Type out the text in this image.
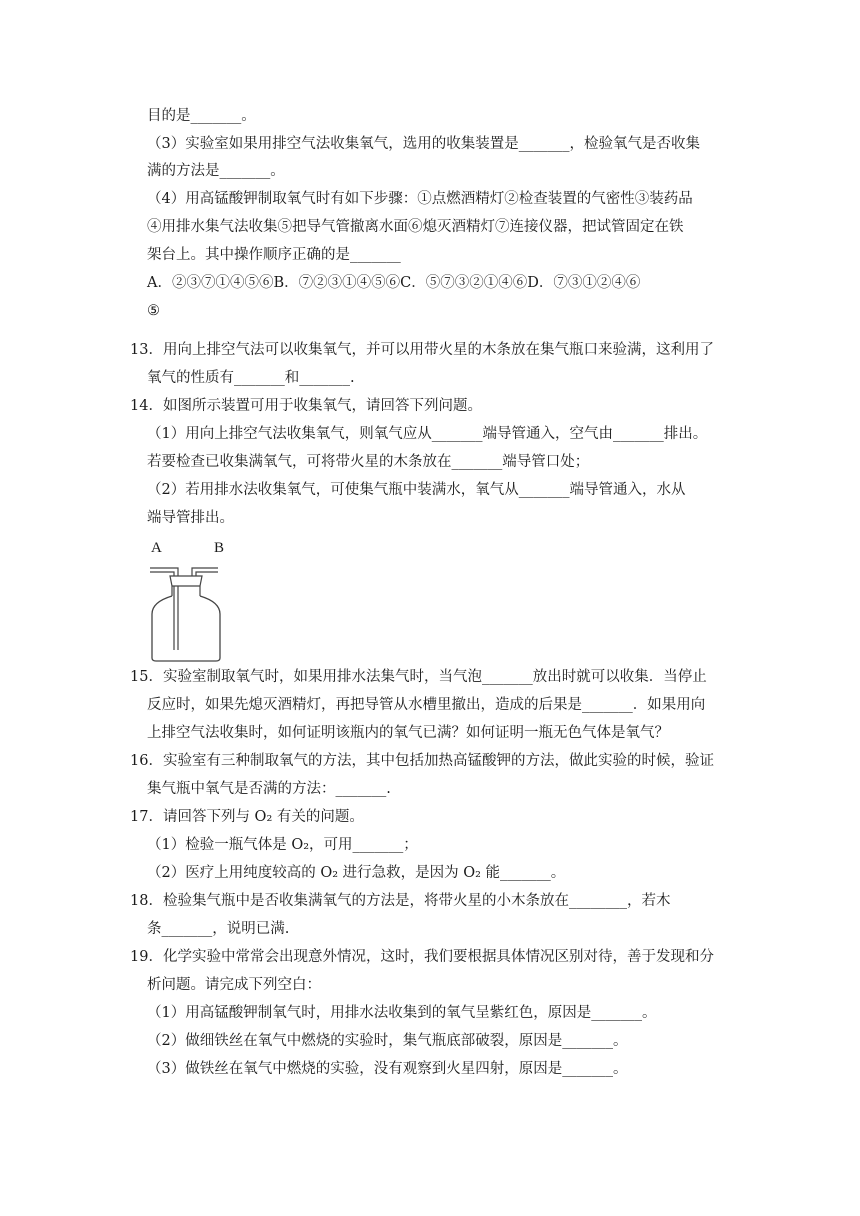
目的是_______。
（3）实验室如果用排空气法收集氧气，选用的收集装置是_______，检验氧气是否收集
满的方法是_______。
（4）用高锰酸钾制取氧气时有如下步骤：①点燃酒精灯②检查装置的气密性③装药品
④用排水集气法收集⑤把导气管撤离水面⑥熄灭酒精灯⑦连接仪器，把试管固定在铁
架台上。其中操作顺序正确的是_______
A．②③⑦①④⑤⑥B．⑦②③①④⑤⑥C．⑤⑦③②①④⑥D．⑦③①②④⑥
⑤
13．用向上排空气法可以收集氧气，并可以用带火星的木条放在集气瓶口来验满，这利用了
氧气的性质有_______和_______.
14．如图所示装置可用于收集氧气，请回答下列问题。
（1）用向上排空气法收集氧气，则氧气应从_______端导管通入，空气由_______排出。
若要检查已收集满氧气，可将带火星的木条放在_______端导管口处；
（2）若用排水法收集氧气，可使集气瓶中装满水，氧气从_______端导管通入，水从
端导管排出。
15．实验室制取氧气时，如果用排水法集气时，当气泡_______放出时就可以收集．当停止
反应时，如果先熄灭酒精灯，再把导管从水槽里撤出，造成的后果是_______．如果用向
上排空气法收集时，如何证明该瓶内的氧气已满？如何证明一瓶无色气体是氧气？
16．实验室有三种制取氧气的方法，其中包括加热高锰酸钾的方法，做此实验的时候，验证
集气瓶中氧气是否满的方法：_______.
17．请回答下列与 O₂ 有关的问题。
（1）检验一瓶气体是 O₂，可用_______；
（2）医疗上用纯度较高的 O₂ 进行急救，是因为 O₂ 能_______。
18．检验集气瓶中是否收集满氧气的方法是，将带火星的小木条放在________，若木
条_______，说明已满.
19．化学实验中常常会出现意外情况，这时，我们要根据具体情况区别对待，善于发现和分
析问题。请完成下列空白：
（1）用高锰酸钾制氧气时，用排水法收集到的氧气呈紫红色，原因是_______。
（2）做细铁丝在氧气中燃烧的实验时，集气瓶底部破裂，原因是_______。
（3）做铁丝在氧气中燃烧的实验，没有观察到火星四射，原因是_______。
A	B
